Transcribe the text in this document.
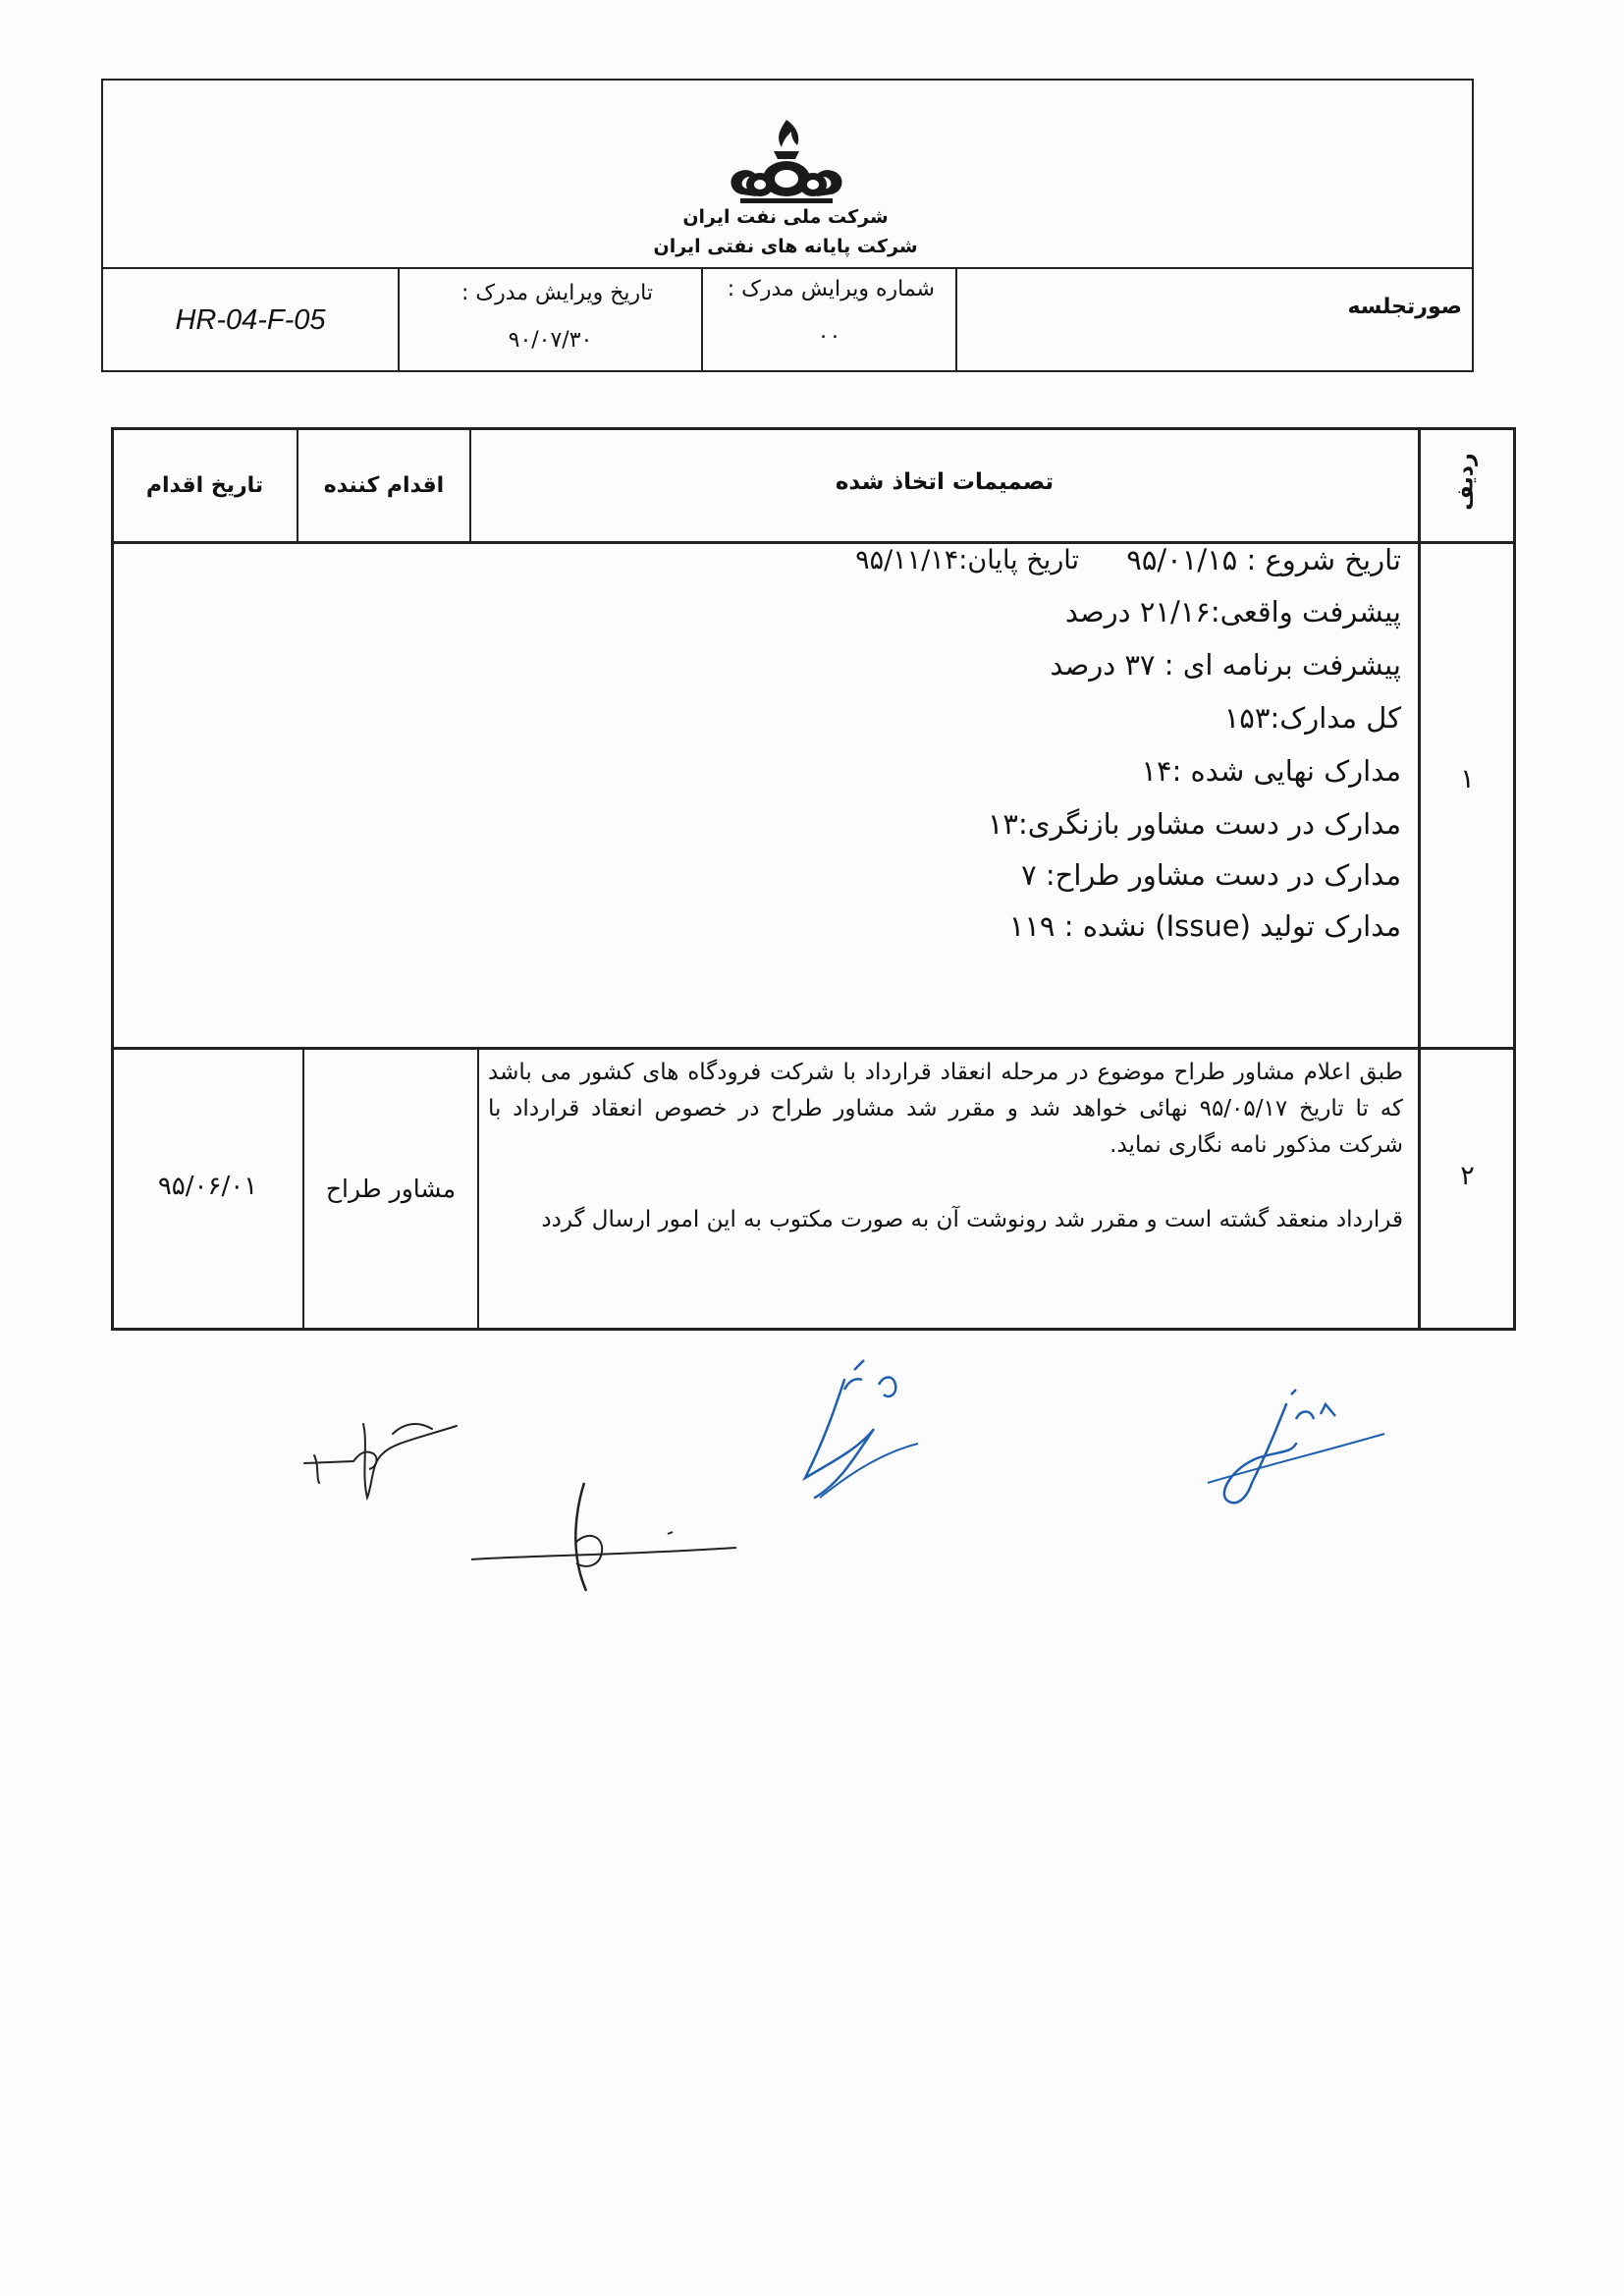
شرکت ملی نفت ایران
شرکت پایانه های نفتی ایران
صورتجلسه
شماره ویرایش مدرک :
۰۰
تاریخ ویرایش مدرک :
۹۰/۰۷/۳۰
HR-04-F-05
ردیف
تصمیمات اتخاذ شده
اقدام کننده
تاریخ اقدام
۱
تاریخ شروع : ۹۵/۰۱/۱۵
تاریخ پایان:۹۵/۱۱/۱۴
پیشرفت واقعی:۲۱/۱۶ درصد
پیشرفت برنامه ای : ۳۷ درصد
کل مدارک:۱۵۳
مدارک نهایی شده :۱۴
مدارک در دست مشاور بازنگری:۱۳
مدارک در دست مشاور طراح: ۷
مدارک تولید (Issue) نشده : ۱۱۹
۲
طبق اعلام مشاور طراح موضوع در مرحله انعقاد قرارداد با شرکت فرودگاه های کشور می باشد که تا تاریخ ۹۵/۰۵/۱۷ نهائی خواهد شد و مقرر شد مشاور طراح در خصوص انعقاد قرارداد با شرکت مذکور نامه نگاری نماید.
قرارداد منعقد گشته است و مقرر شد رونوشت آن به صورت مکتوب به این امور ارسال گردد
مشاور طراح
۹۵/۰۶/۰۱
